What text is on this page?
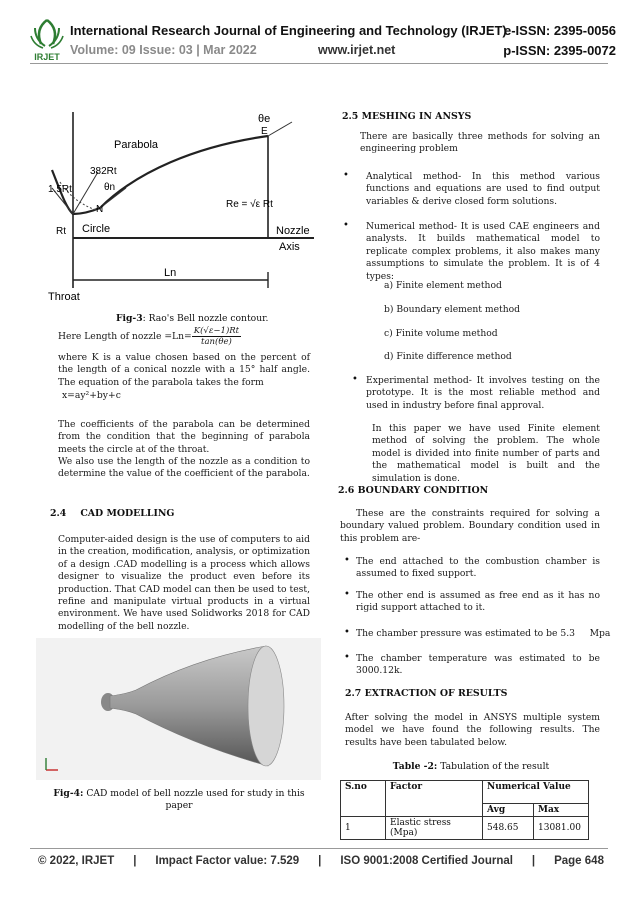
IRJET
International Research Journal of Engineering and Technology (IRJET)
Volume: 09 Issue: 03 | Mar 2022	www.irjet.net
e-ISSN: 2395-0056
p-ISSN: 2395-0072
θe
E
Parabola
382Rt
1.5Rt	θn
N
Rt Circle
Re = √ε Rt
Nozzle
Axis
Ln
Throat
Fig-3: Rao's Bell nozzle contour.
Here Length of nozzle $=Ln= \frac{K(√\varepsilon-1)Rt}{\tan(\theta e)}$
where K is a value chosen based on the percent of the length of a conical nozzle with a 15° half angle. The equation of the parabola takes the form
x=ay²+by+c
The coefficients of the parabola can be determined from the condition that the beginning of parabola meets the circle at of the throat.
We also use the length of the nozzle as a condition to determine the value of the coefficient of the parabola.
2.4 CAD MODELLING
Computer-aided design is the use of computers to aid in the creation, modification, analysis, or optimization of a design .CAD modelling is a process which allows designer to visualize the product even before its production. That CAD model can then be used to test, refine and manipulate virtual products in a virtual environment. We have used Solidworks 2018 for CAD modelling of the bell nozzle.
Fig-4: CAD model of bell nozzle used for study in this paper
2.5 MESHING IN ANSYS
There are basically three methods for solving an engineering problem
• Analytical method- In this method various functions and equations are used to find output variables & derive closed form solutions.
• Numerical method- It is used CAE engineers and analysts. It builds mathematical model to replicate complex problems, it also makes many assumptions to simulate the problem. It is of 4 types:
a) Finite element method
b) Boundary element method
c) Finite volume method
d) Finite difference method
• Experimental method- It involves testing on the prototype. It is the most reliable method and used in industry before final approval.
In this paper we have used Finite element method of solving the problem. The whole model is divided into finite number of parts and the mathematical model is built and the simulation is done.
2.6 BOUNDARY CONDITION
These are the constraints required for solving a boundary valued problem. Boundary condition used in this problem are-
• The end attached to the combustion chamber is assumed to fixed support.
• The other end is assumed as free end as it has no rigid support attached to it.
• The chamber pressure was estimated to be 5.3     Mpa
• The chamber temperature was estimated to be 3000.12k.
2.7 EXTRACTION OF RESULTS
After solving the model in ANSYS multiple system model we have found the following results. The results have been tabulated below.
Table -2: Tabulation of the result
S.no	Factor	Numerical Value	
		Avg	Max
1	Elastic stress (Mpa)	548.65	13081.00
© 2022, IRJET | Impact Factor value: 7.529 | ISO 9001:2008 Certified Journal | Page 648
